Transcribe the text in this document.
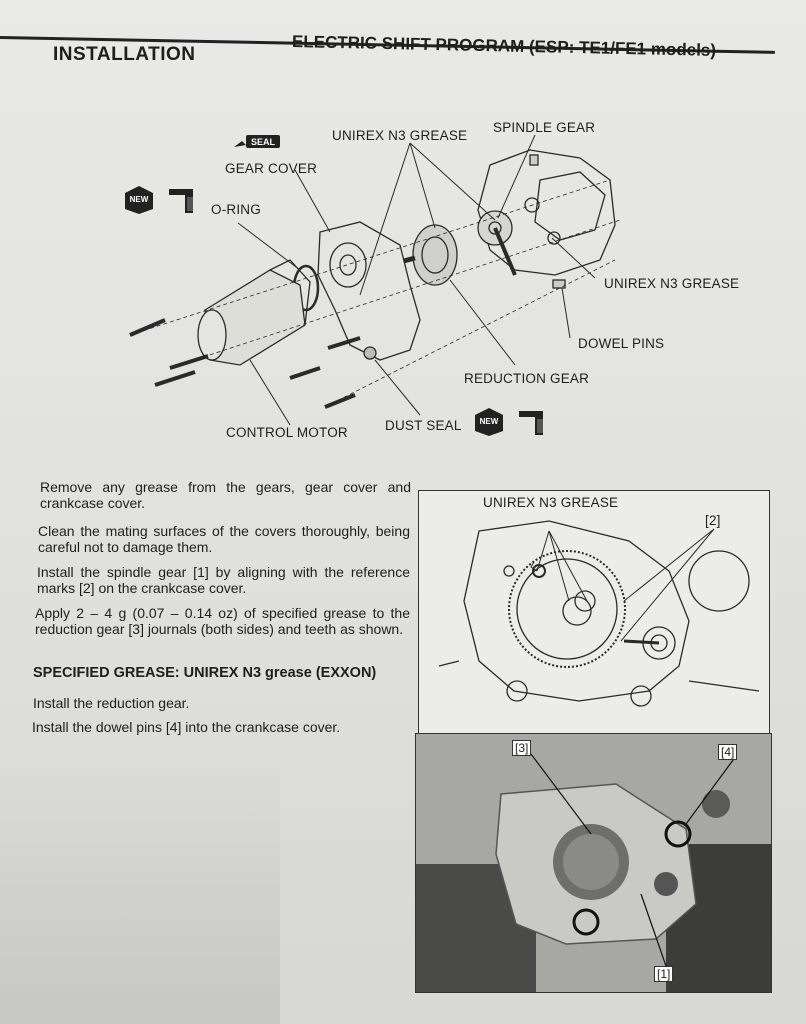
INSTALLATION	ELECTRIC SHIFT PROGRAM (ESP: TE1/FE1 models)
UNIREX N3 GREASE
SPINDLE GEAR
GEAR COVER
O-RING
UNIREX N3 GREASE
DOWEL PINS
REDUCTION GEAR
DUST SEAL
CONTROL MOTOR
SEAL
NEW
NEW
Remove any grease from the gears, gear cover and crankcase cover.
Clean the mating surfaces of the covers thoroughly, being careful not to damage them.
Install the spindle gear [1] by aligning with the reference marks [2] on the crankcase cover.
Apply 2 – 4 g (0.07 – 0.14 oz) of specified grease to the reduction gear [3] journals (both sides) and teeth as shown.
SPECIFIED GREASE: UNIREX N3 grease (EXXON)
Install the reduction gear.
Install the dowel pins [4] into the crankcase cover.
UNIREX N3 GREASE
[2]
[3]	[4]
[1]
